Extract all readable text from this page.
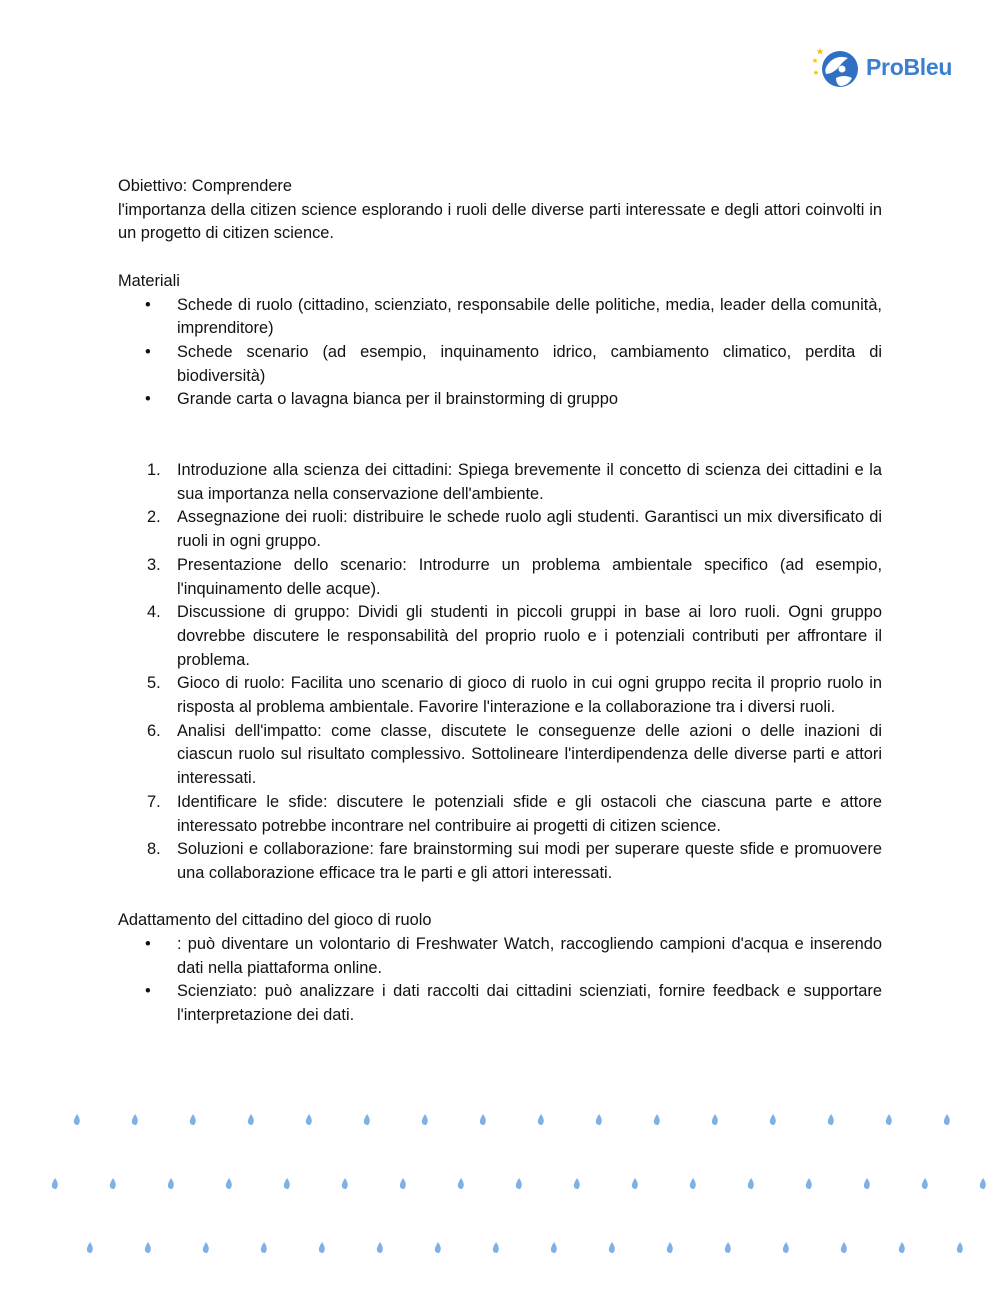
ProBleu

Obiettivo: Comprendere

l'importanza della citizen science esplorando i ruoli delle diverse parti interessate e degli attori coinvolti in un progetto di citizen science.

Materiali

• Schede di ruolo (cittadino, scienziato, responsabile delle politiche, media, leader della comunità, imprenditore)
• Schede scenario (ad esempio, inquinamento idrico, cambiamento climatico, perdita di biodiversità)
• Grande carta o lavagna bianca per il brainstorming di gruppo
1. Introduzione alla scienza dei cittadini: Spiega brevemente il concetto di scienza dei cittadini e la sua importanza nella conservazione dell'ambiente.
2. Assegnazione dei ruoli: distribuire le schede ruolo agli studenti. Garantisci un mix diversificato di ruoli in ogni gruppo.
3. Presentazione dello scenario: Introdurre un problema ambientale specifico (ad esempio, l'inquinamento delle acque).
4. Discussione di gruppo: Dividi gli studenti in piccoli gruppi in base ai loro ruoli. Ogni gruppo dovrebbe discutere le responsabilità del proprio ruolo e i potenziali contributi per affrontare il problema.
5. Gioco di ruolo: Facilita uno scenario di gioco di ruolo in cui ogni gruppo recita il proprio ruolo in risposta al problema ambientale. Favorire l'interazione e la collaborazione tra i diversi ruoli.
6. Analisi dell'impatto: come classe, discutete le conseguenze delle azioni o delle inazioni di ciascun ruolo sul risultato complessivo. Sottolineare l'interdipendenza delle diverse parti e attori interessati.
7. Identificare le sfide: discutere le potenziali sfide e gli ostacoli che ciascuna parte e attore interessato potrebbe incontrare nel contribuire ai progetti di citizen science.
8. Soluzioni e collaborazione: fare brainstorming sui modi per superare queste sfide e promuovere una collaborazione efficace tra le parti e gli attori interessati.

Adattamento del cittadino del gioco di ruolo

• : può diventare un volontario di Freshwater Watch, raccogliendo campioni d'acqua e inserendo dati nella piattaforma online.
• Scienziato: può analizzare i dati raccolti dai cittadini scienziati, fornire feedback e supportare l'interpretazione dei dati.
